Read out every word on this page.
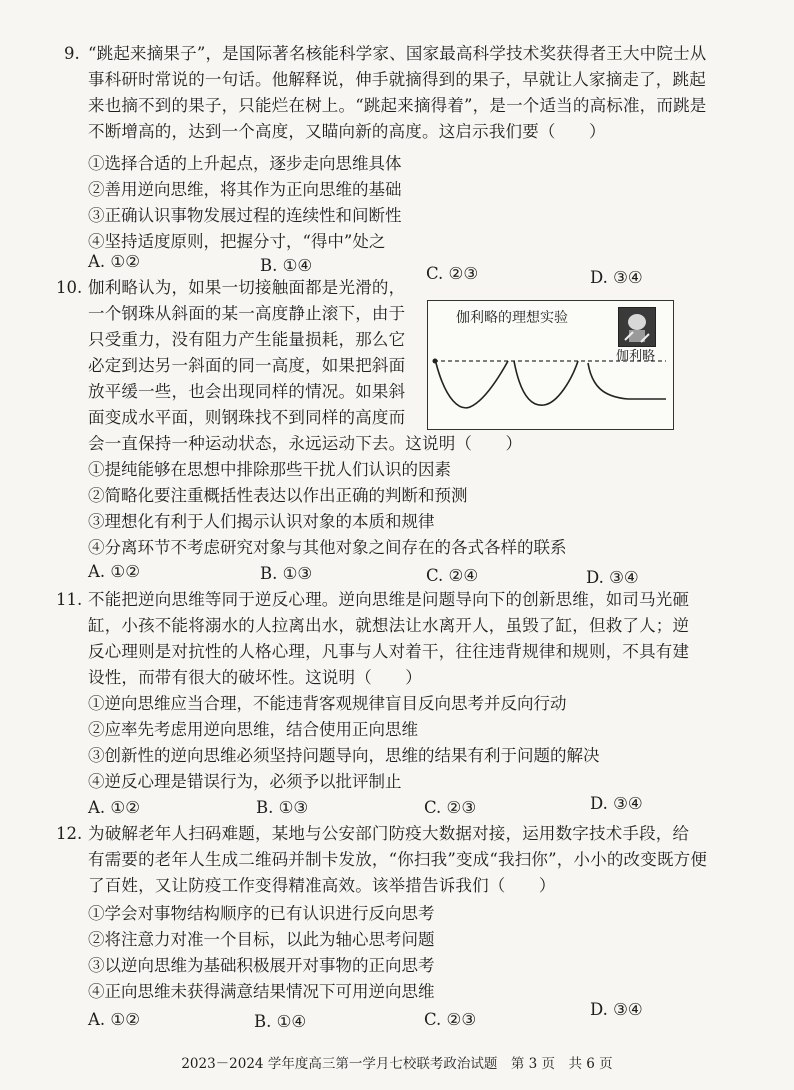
9. “跳起来摘果子”，是国际著名核能科学家、国家最高科学技术奖获得者王大中院士从
事科研时常说的一句话。他解释说，伸手就摘得到的果子，早就让人家摘走了，跳起
来也摘不到的果子，只能烂在树上。“跳起来摘得着”，是一个适当的高标准，而跳是
不断增高的，达到一个高度，又瞄向新的高度。这启示我们要（　　）
①选择合适的上升起点，逐步走向思维具体
②善用逆向思维，将其作为正向思维的基础
③正确认识事物发展过程的连续性和间断性
④坚持适度原则，把握分寸，“得中”处之
A. ①②	B. ①④	C. ②③	D. ③④
10. 伽利略认为，如果一切接触面都是光滑的，
一个钢珠从斜面的某一高度静止滚下，由于
只受重力，没有阻力产生能量损耗，那么它
必定到达另一斜面的同一高度，如果把斜面
放平缓一些，也会出现同样的情况。如果斜
面变成水平面，则钢珠找不到同样的高度而
会一直保持一种运动状态，永远运动下去。这说明（　　）
伽利略的理想实验
伽利略
①提纯能够在思想中排除那些干扰人们认识的因素
②简略化要注重概括性表达以作出正确的判断和预测
③理想化有利于人们揭示认识对象的本质和规律
④分离环节不考虑研究对象与其他对象之间存在的各式各样的联系
A. ①②	B. ①③	C. ②④	D. ③④
11. 不能把逆向思维等同于逆反心理。逆向思维是问题导向下的创新思维，如司马光砸
缸，小孩不能将溺水的人拉离出水，就想法让水离开人，虽毁了缸，但救了人；逆
反心理则是对抗性的人格心理，凡事与人对着干，往往违背规律和规则，不具有建
设性，而带有很大的破坏性。这说明（　　）
①逆向思维应当合理，不能违背客观规律盲目反向思考并反向行动
②应率先考虑用逆向思维，结合使用正向思维
③创新性的逆向思维必须坚持问题导向，思维的结果有利于问题的解决
④逆反心理是错误行为，必须予以批评制止
A. ①②	B. ①③	C. ②③	D. ③④
12. 为破解老年人扫码难题，某地与公安部门防疫大数据对接，运用数字技术手段，给
有需要的老年人生成二维码并制卡发放，“你扫我”变成“我扫你”，小小的改变既方便
了百姓，又让防疫工作变得精准高效。该举措告诉我们（　　）
①学会对事物结构顺序的已有认识进行反向思考
②将注意力对准一个目标，以此为轴心思考问题
③以逆向思维为基础积极展开对事物的正向思考
④正向思维未获得满意结果情况下可用逆向思维
A. ①②	B. ①④	C. ②③
D. ③④
2023－2024 学年度高三第一学月七校联考政治试题　第 3 页　共 6 页
